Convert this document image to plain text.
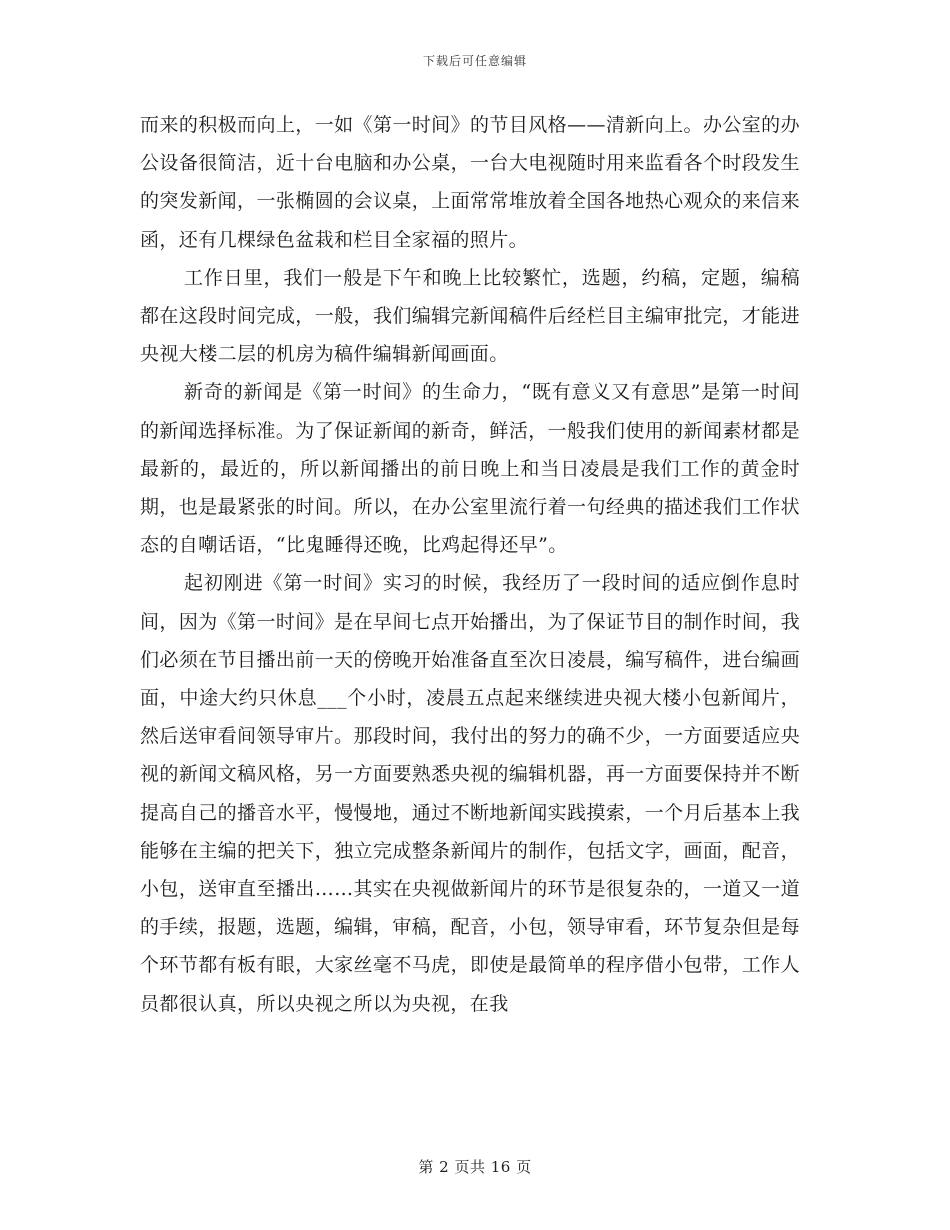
下载后可任意编辑

而来的积极而向上，一如《第一时间》的节目风格——清新向上。办公室的办公设备很简洁，近十台电脑和办公桌，一台大电视随时用来监看各个时段发生的突发新闻，一张椭圆的会议桌，上面常常堆放着全国各地热心观众的来信来函，还有几棵绿色盆栽和栏目全家福的照片。

工作日里，我们一般是下午和晚上比较繁忙，选题，约稿，定题，编稿都在这段时间完成，一般，我们编辑完新闻稿件后经栏目主编审批完，才能进央视大楼二层的机房为稿件编辑新闻画面。

新奇的新闻是《第一时间》的生命力，“既有意义又有意思”是第一时间的新闻选择标准。为了保证新闻的新奇，鲜活，一般我们使用的新闻素材都是最新的，最近的，所以新闻播出的前日晚上和当日凌晨是我们工作的黄金时期，也是最紧张的时间。所以，在办公室里流行着一句经典的描述我们工作状态的自嘲话语，“比鬼睡得还晚，比鸡起得还早”。

起初刚进《第一时间》实习的时候，我经历了一段时间的适应倒作息时间，因为《第一时间》是在早间七点开始播出，为了保证节目的制作时间，我们必须在节目播出前一天的傍晚开始准备直至次日凌晨，编写稿件，进台编画面，中途大约只休息___个小时，凌晨五点起来继续进央视大楼小包新闻片，然后送审看间领导审片。那段时间，我付出的努力的确不少，一方面要适应央视的新闻文稿风格，另一方面要熟悉央视的编辑机器，再一方面要保持并不断提高自己的播音水平，慢慢地，通过不断地新闻实践摸索，一个月后基本上我能够在主编的把关下，独立完成整条新闻片的制作，包括文字，画面，配音，小包，送审直至播出……其实在央视做新闻片的环节是很复杂的，一道又一道的手续，报题，选题，编辑，审稿，配音，小包，领导审看，环节复杂但是每个环节都有板有眼，大家丝毫不马虎，即使是最简单的程序借小包带，工作人员都很认真，所以央视之所以为央视，在我

第 2 页共 16 页
